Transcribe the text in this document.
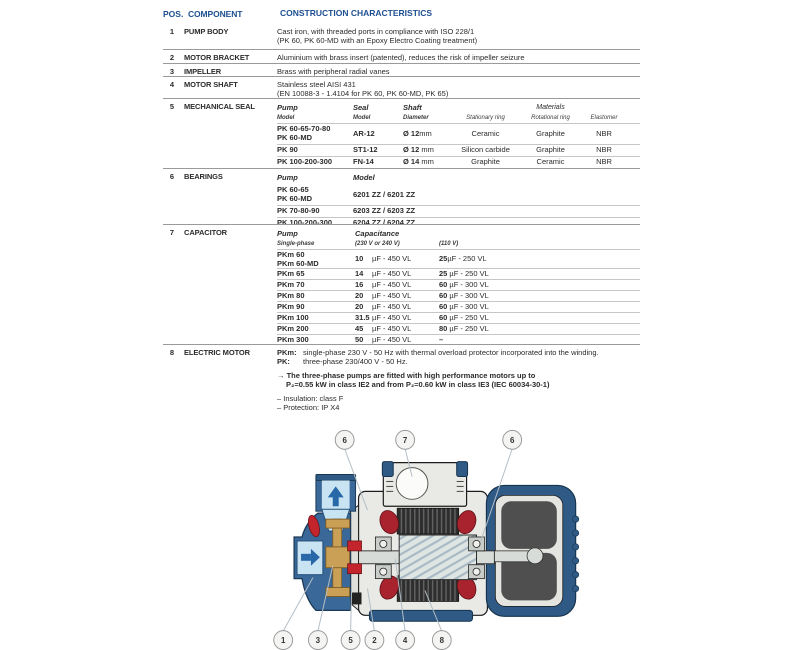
POS. COMPONENT	CONSTRUCTION CHARACTERISTICS
1	PUMP BODY	Cast iron, with threaded ports in compliance with ISO 228/1
(PK 60, PK 60-MD with an Epoxy Electro Coating treatment)
2	MOTOR BRACKET	Aluminium with brass insert (patented), reduces the risk of impeller seizure
3	IMPELLER	Brass with peripheral radial vanes
4	MOTOR SHAFT	Stainless steel AISI 431
(EN 10088-3 - 1.4104 for PK 60, PK 60-MD, PK 65)
5	MECHANICAL SEAL	Pump	Seal	Shaft	Materials
Model	Model	Diameter	Stationary ring	Rotational ring	Elastomer
PK 60-65-70-80
PK 60-MD	AR-12	Ø 12 mm	Ceramic	Graphite	NBR
PK 90	ST1-12	Ø 12 mm	Silicon carbide	Graphite	NBR
PK 100-200-300	FN-14	Ø 14 mm	Graphite	Ceramic	NBR
6	BEARINGS	Pump	Model
PK 60-65
PK 60-MD	6201 ZZ / 6201 ZZ
PK 70-80-90	6203 ZZ / 6203 ZZ
PK 100-200-300	6204 ZZ / 6204 ZZ
7	CAPACITOR	Pump	Capacitance
Single-phase	(230 V or 240 V)	(110 V)
PKm 60
PKm 60-MD
10	µF - 450 VL	25 µF - 250 VL
PKm 65	14 µF - 450 VL	25 µF - 250 VL
PKm 70	16 µF - 450 VL	60 µF - 300 VL
PKm 80	20 µF - 450 VL	60 µF - 300 VL
PKm 90	20 µF - 450 VL	60 µF - 300 VL
PKm 100	31.5 µF - 450 VL	60 µF - 250 VL
PKm 200	45 µF - 450 VL	80 µF - 250 VL
PKm 300	50 µF - 450 VL	–
8	ELECTRIC MOTOR	PKm: single-phase 230 V - 50 Hz with thermal overload protector incorporated into the winding.
PK: three-phase 230/400 V - 50 Hz.
→ The three-phase pumps are fitted with high performance motors up to
P₂=0.55 kW in class IE2 and from P₂=0.60 kW in class IE3 (IEC 60034-30-1)
– Insulation: class F
– Protection: IP X4
6	7	6
1	3	5 2	4	8
